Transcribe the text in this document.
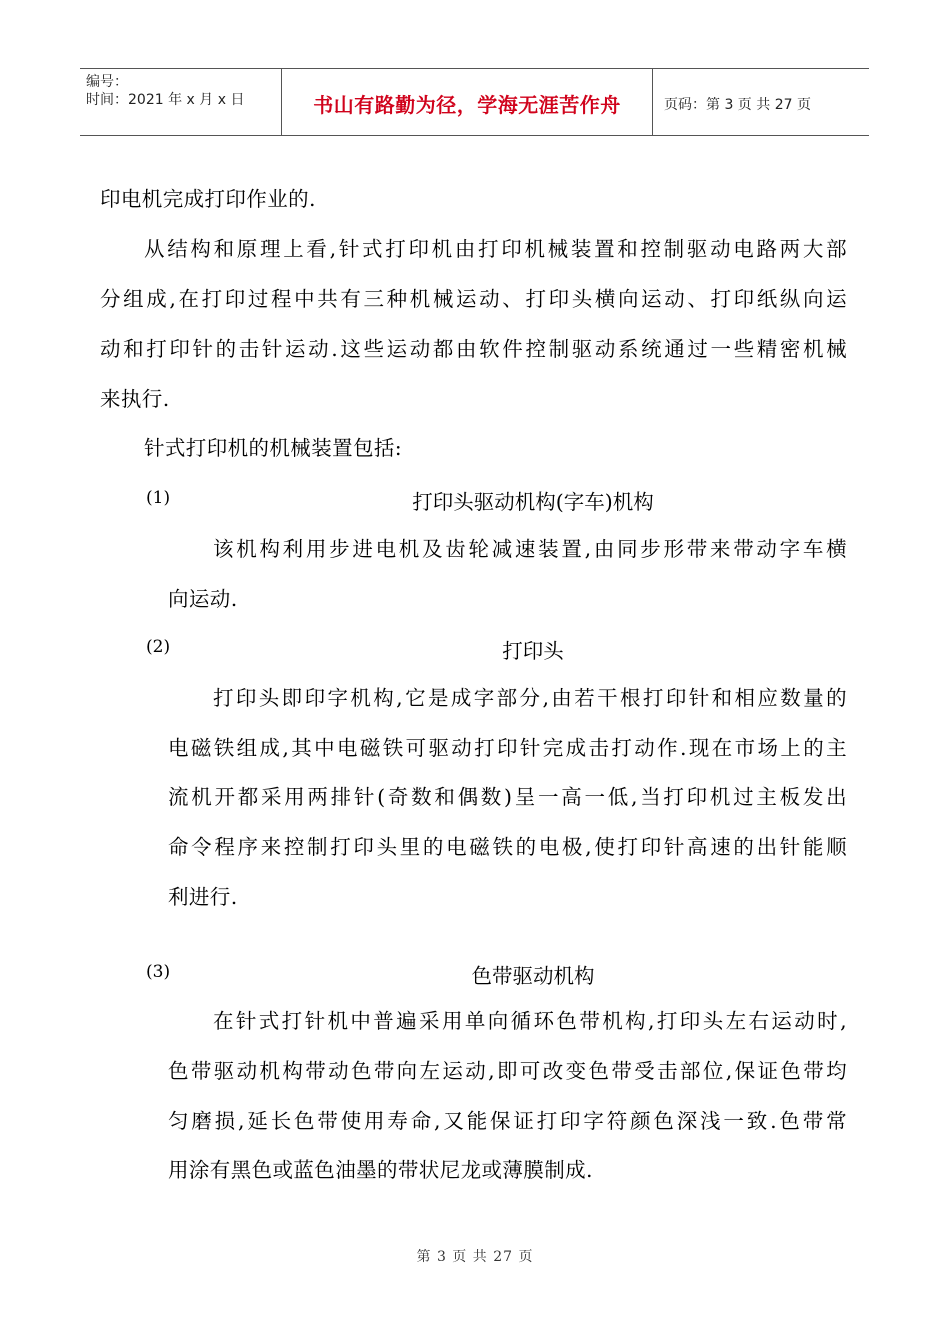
编号：
时间：2021 年 x 月 x 日	书山有路勤为径，学海无涯苦作舟	页码：第 3 页 共 27 页
印电机完成打印作业的.
从结构和原理上看,针式打印机由打印机械装置和控制驱动电路两大部
分组成,在打印过程中共有三种机械运动、打印头横向运动、打印纸纵向运
动和打印针的击针运动.这些运动都由软件控制驱动系统通过一些精密机械
来执行.
针式打印机的机械装置包括:
(1)	打印头驱动机构(字车)机构
该机构利用步进电机及齿轮减速装置,由同步形带来带动字车横
向运动.
(2)	打印头
打印头即印字机构,它是成字部分,由若干根打印针和相应数量的
电磁铁组成,其中电磁铁可驱动打印针完成击打动作.现在市场上的主
流机开都采用两排针(奇数和偶数)呈一高一低,当打印机过主板发出
命令程序来控制打印头里的电磁铁的电极,使打印针高速的出针能顺
利进行.
(3)	色带驱动机构
在针式打针机中普遍采用单向循环色带机构,打印头左右运动时,
色带驱动机构带动色带向左运动,即可改变色带受击部位,保证色带均
匀磨损,延长色带使用寿命,又能保证打印字符颜色深浅一致.色带常
用涂有黑色或蓝色油墨的带状尼龙或薄膜制成.
第 3 页 共 27 页
